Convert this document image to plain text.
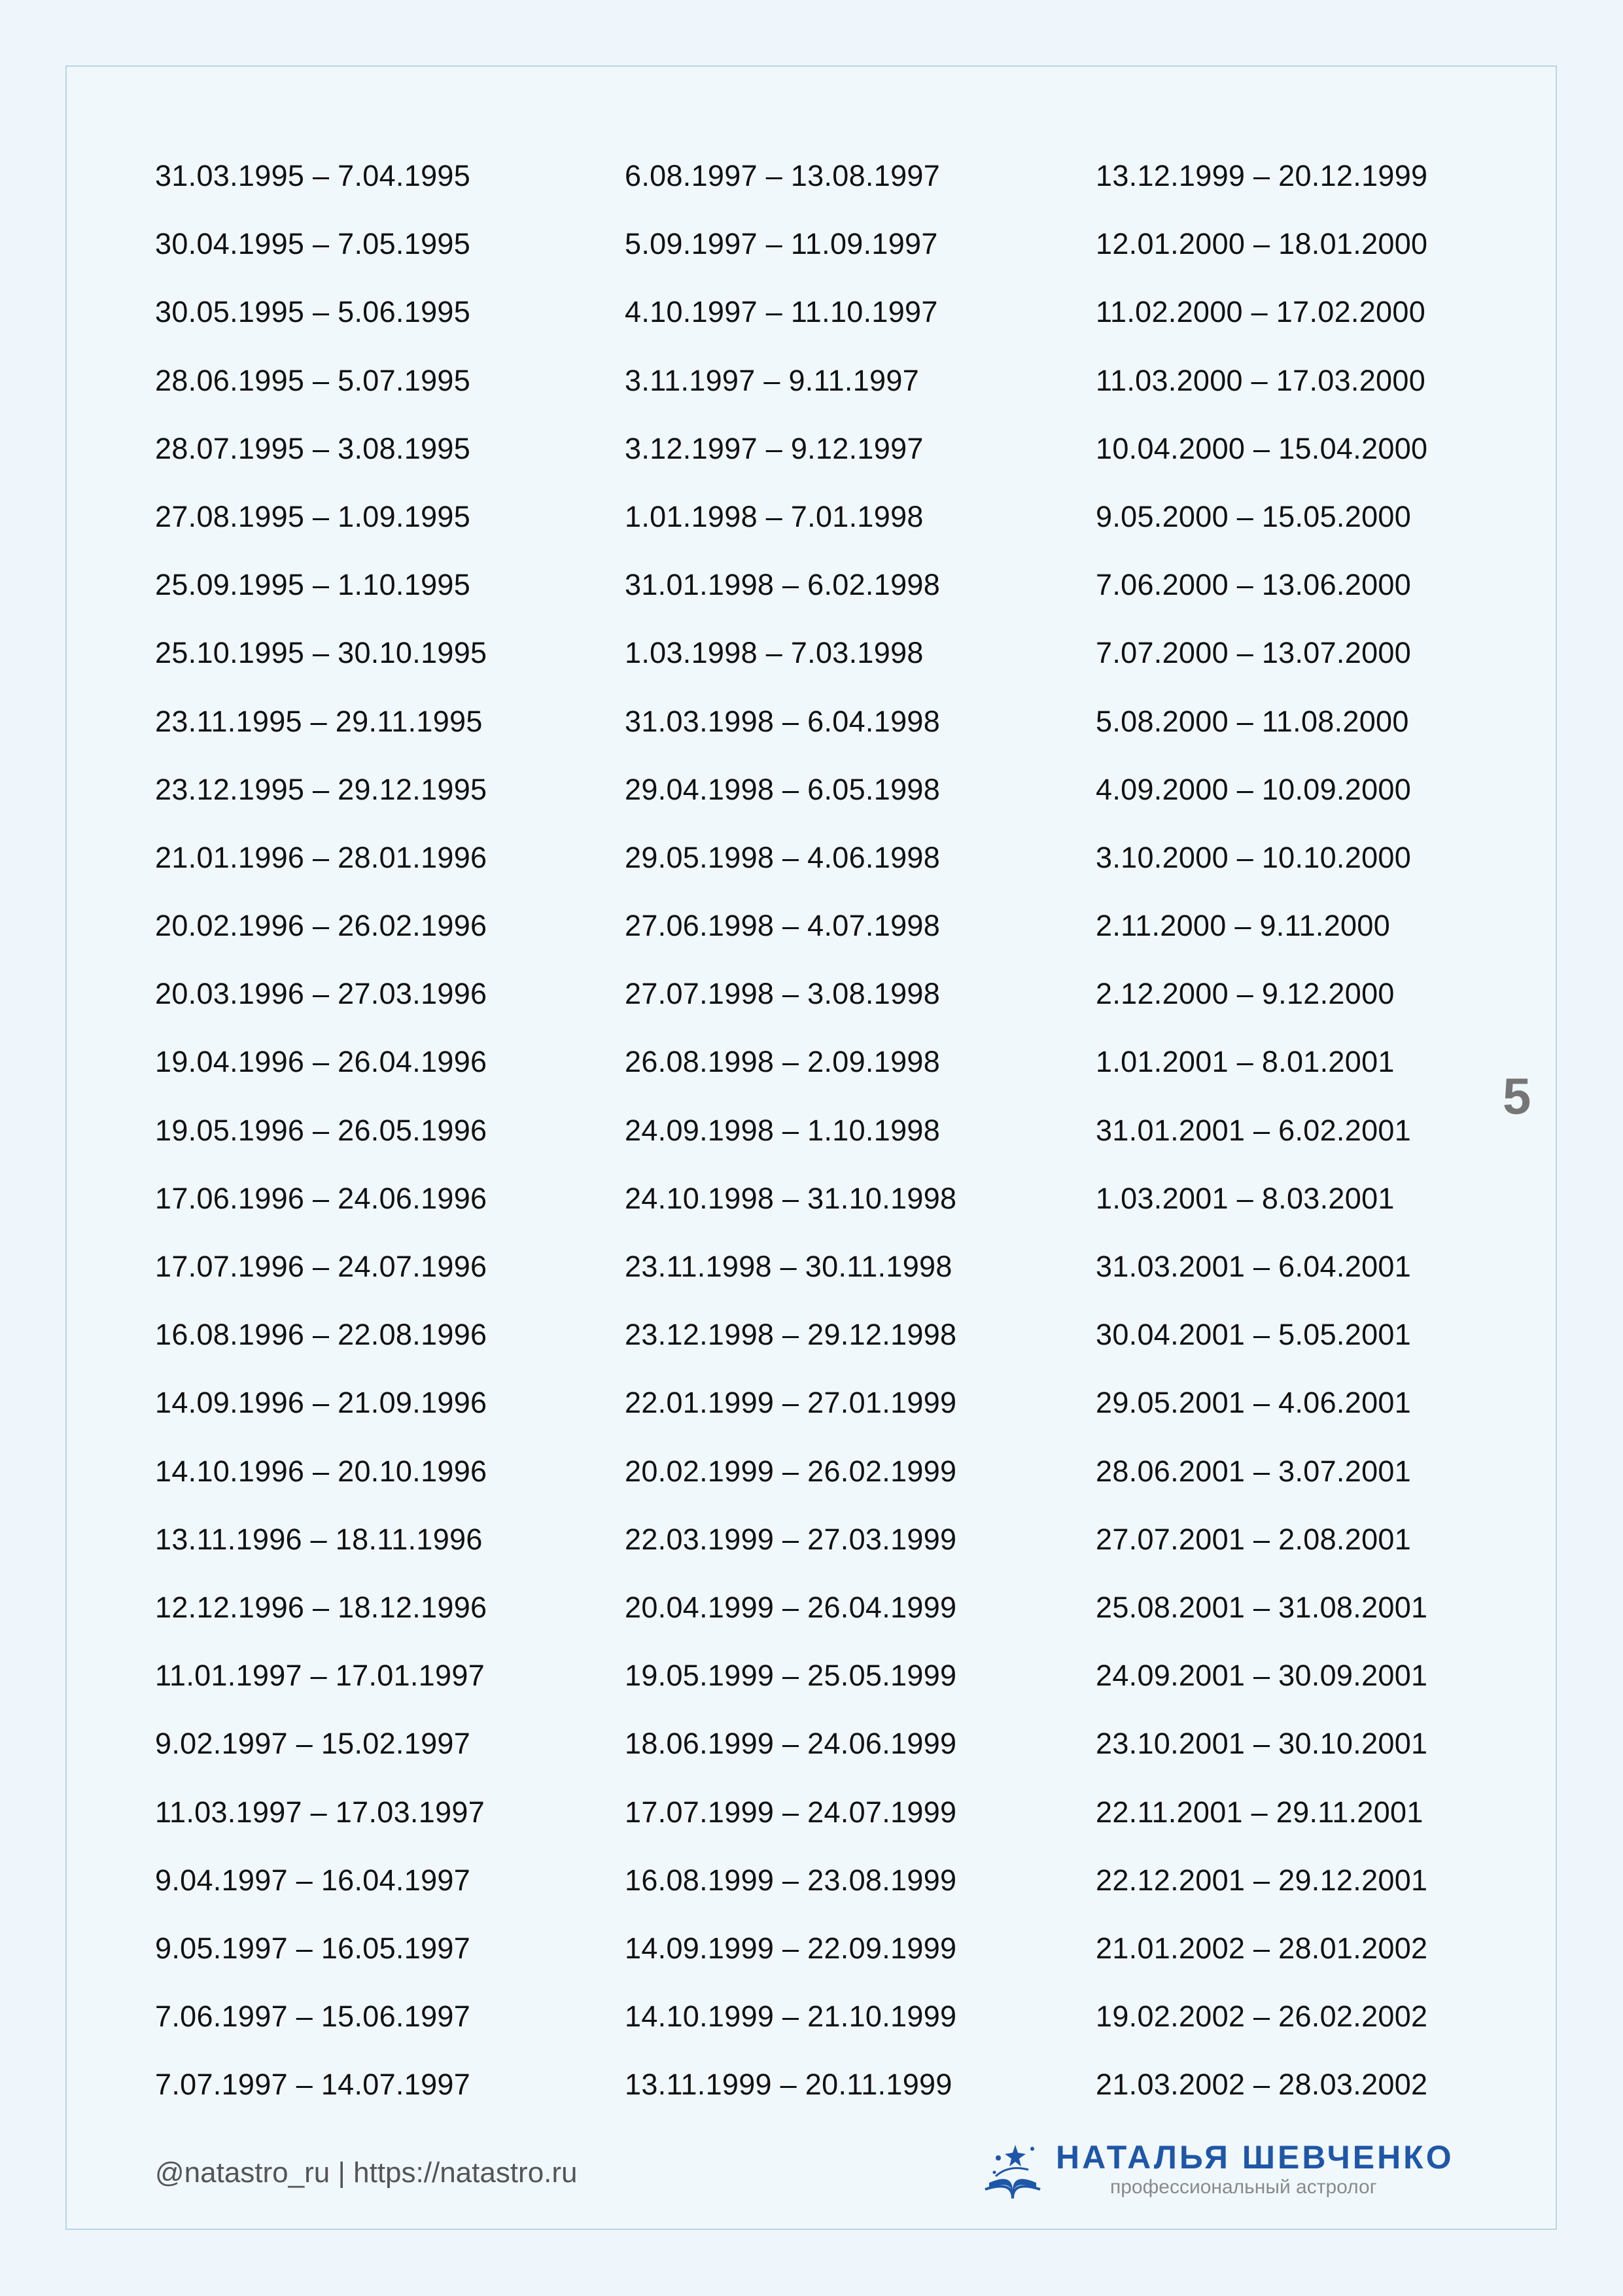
31.03.1995 – 7.04.1995
30.04.1995 – 7.05.1995
30.05.1995 – 5.06.1995
28.06.1995 – 5.07.1995
28.07.1995 – 3.08.1995
27.08.1995 – 1.09.1995
25.09.1995 – 1.10.1995
25.10.1995 – 30.10.1995
23.11.1995 – 29.11.1995
23.12.1995 – 29.12.1995
21.01.1996 – 28.01.1996
20.02.1996 – 26.02.1996
20.03.1996 – 27.03.1996
19.04.1996 – 26.04.1996
19.05.1996 – 26.05.1996
17.06.1996 – 24.06.1996
17.07.1996 – 24.07.1996
16.08.1996 – 22.08.1996
14.09.1996 – 21.09.1996
14.10.1996 – 20.10.1996
13.11.1996 – 18.11.1996
12.12.1996 – 18.12.1996
11.01.1997 – 17.01.1997
9.02.1997 – 15.02.1997
11.03.1997 – 17.03.1997
9.04.1997 – 16.04.1997
9.05.1997 – 16.05.1997
7.06.1997 – 15.06.1997
7.07.1997 – 14.07.1997
6.08.1997 – 13.08.1997
5.09.1997 – 11.09.1997
4.10.1997 – 11.10.1997
3.11.1997 – 9.11.1997
3.12.1997 – 9.12.1997
1.01.1998 – 7.01.1998
31.01.1998 – 6.02.1998
1.03.1998 – 7.03.1998
31.03.1998 – 6.04.1998
29.04.1998 – 6.05.1998
29.05.1998 – 4.06.1998
27.06.1998 – 4.07.1998
27.07.1998 – 3.08.1998
26.08.1998 – 2.09.1998
24.09.1998 – 1.10.1998
24.10.1998 – 31.10.1998
23.11.1998 – 30.11.1998
23.12.1998 – 29.12.1998
22.01.1999 – 27.01.1999
20.02.1999 – 26.02.1999
22.03.1999 – 27.03.1999
20.04.1999 – 26.04.1999
19.05.1999 – 25.05.1999
18.06.1999 – 24.06.1999
17.07.1999 – 24.07.1999
16.08.1999 – 23.08.1999
14.09.1999 – 22.09.1999
14.10.1999 – 21.10.1999
13.11.1999 – 20.11.1999
13.12.1999 – 20.12.1999
12.01.2000 – 18.01.2000
11.02.2000 – 17.02.2000
11.03.2000 – 17.03.2000
10.04.2000 – 15.04.2000
9.05.2000 – 15.05.2000
7.06.2000 – 13.06.2000
7.07.2000 – 13.07.2000
5.08.2000 – 11.08.2000
4.09.2000 – 10.09.2000
3.10.2000 – 10.10.2000
2.11.2000 – 9.11.2000
2.12.2000 – 9.12.2000
1.01.2001 – 8.01.2001
31.01.2001 – 6.02.2001
1.03.2001 – 8.03.2001
31.03.2001 – 6.04.2001
30.04.2001 – 5.05.2001
29.05.2001 – 4.06.2001
28.06.2001 – 3.07.2001
27.07.2001 – 2.08.2001
25.08.2001 – 31.08.2001
24.09.2001 – 30.09.2001
23.10.2001 – 30.10.2001
22.11.2001 – 29.11.2001
22.12.2001 – 29.12.2001
21.01.2002 – 28.01.2002
19.02.2002 – 26.02.2002
21.03.2002 – 28.03.2002
5
@natastro_ru | https://natastro.ru	НАТАЛЬЯ ШЕВЧЕНКО
профессиональный астролог
